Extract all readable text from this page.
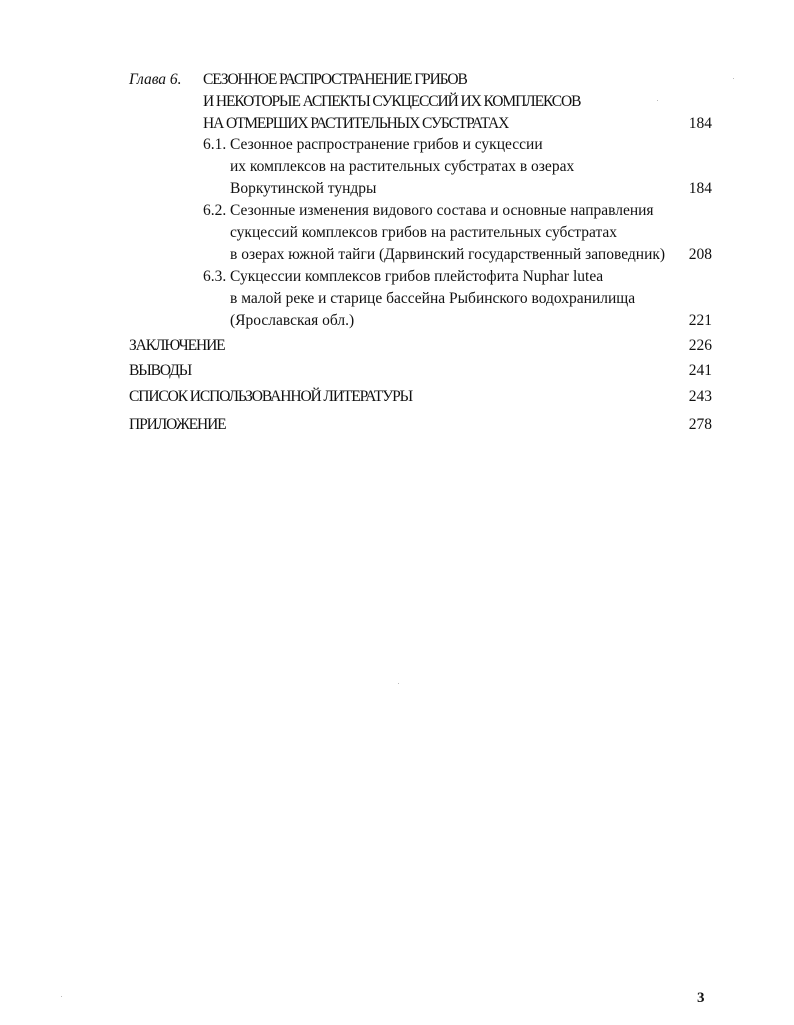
Глава 6. СЕЗОННОЕ РАСПРОСТРАНЕНИЕ ГРИБОВ
И НЕКОТОРЫЕ АСПЕКТЫ СУКЦЕССИЙ ИХ КОМПЛЕКСОВ
НА ОТМЕРШИХ РАСТИТЕЛЬНЫХ СУБСТРАТАХ	184
6.1. Сезонное распространение грибов и сукцессии
их комплексов на растительных субстратах в озерах
Воркутинской тундры	184
6.2. Сезонные изменения видового состава и основные направления
сукцессий комплексов грибов на растительных субстратах
в озерах южной тайги (Дарвинский государственный заповедник) 208
6.3. Сукцессии комплексов грибов плейстофита Nuphar lutea
в малой реке и старице бассейна Рыбинского водохранилища
(Ярославская обл.)	221
ЗАКЛЮЧЕНИЕ	226
ВЫВОДЫ	241
СПИСОК ИСПОЛЬЗОВАННОЙ ЛИТЕРАТУРЫ	243
ПРИЛОЖЕНИЕ	278
3
